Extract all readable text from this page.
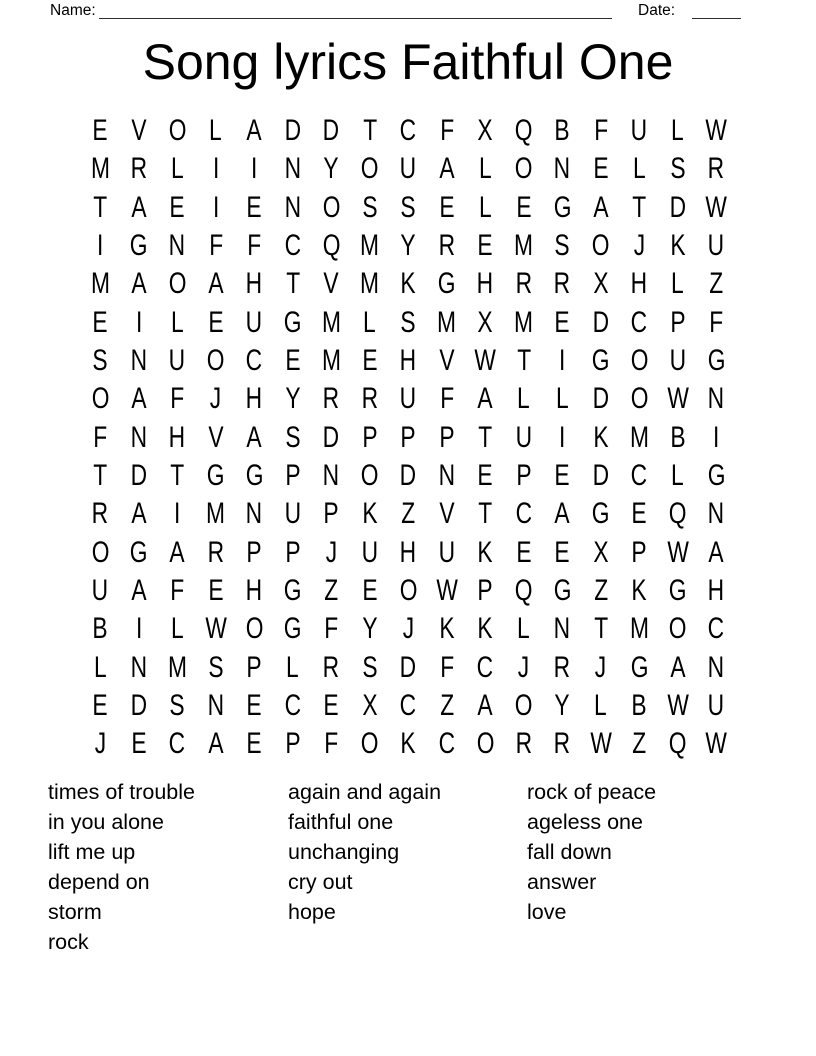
Name:	Date:
Song lyrics Faithful One
E V O L A D D T C F X Q B F U L W
M R L I I N Y O U A L O N E L S R
T A E I E N O S S E L E G A T D W
I G N F F C Q M Y R E M S O J K U
M A O A H T V M K G H R R X H L Z
E I L E U G M L S M X M E D C P F
S N U O C E M E H V W T I G O U G
O A F J H Y R R U F A L L D O W N
F N H V A S D P P P T U I K M B I
T D T G G P N O D N E P E D C L G
R A I M N U P K Z V T C A G E Q N
O G A R P P J U H U K E E X P W A
U A F E H G Z E O W P Q G Z K G H
B I L W O G F Y J K K L N T M O C
L N M S P L R S D F C J R J G A N
E D S N E C E X C Z A O Y L B W U
J E C A E P F O K C O R R W Z Q W
times of trouble
in you alone
lift me up
depend on
storm
rock
again and again
faithful one
unchanging
cry out
hope
rock of peace
ageless one
fall down
answer
love
